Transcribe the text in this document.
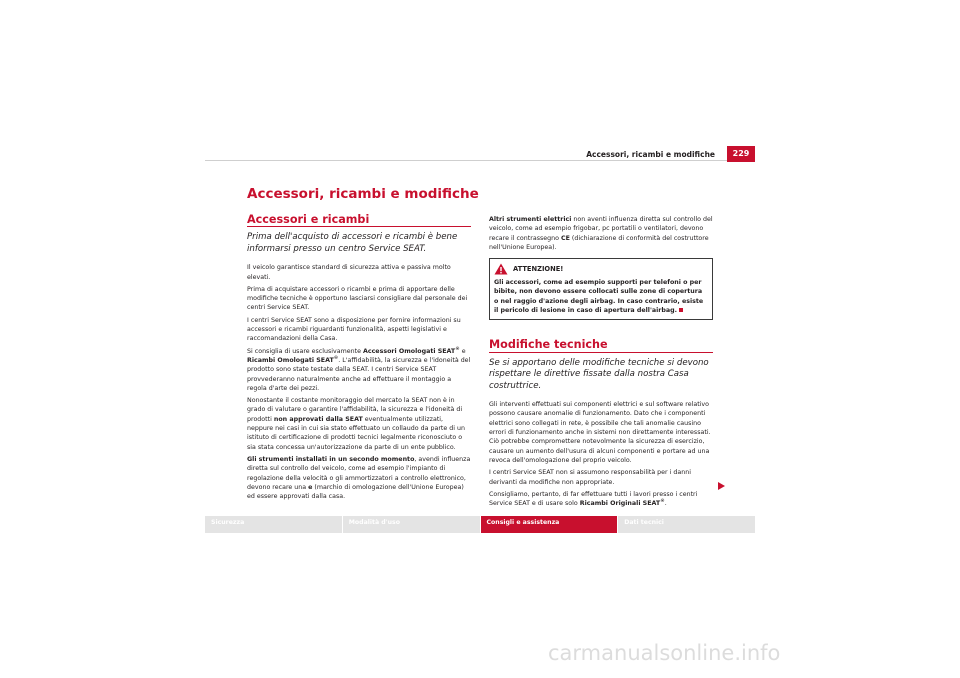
Accessori, ricambi e modifiche	229
Accessori, ricambi e modifiche
Accessori e ricambi
Prima dell'acquisto di accessori e ricambi è bene informarsi presso un centro Service SEAT.

Il veicolo garantisce standard di sicurezza attiva e passiva molto elevati.

Prima di acquistare accessori o ricambi e prima di apportare delle modifiche tecniche è opportuno lasciarsi consigliare dal personale dei centri Service SEAT.

I centri Service SEAT sono a disposizione per fornire informazioni su accessori e ricambi riguardanti funzionalità, aspetti legislativi e raccomandazioni della Casa.

Si consiglia di usare esclusivamente Accessori Omologati SEAT® e Ricambi Omologati SEAT®. L'affidabilità, la sicurezza e l'idoneità del prodotto sono state testate dalla SEAT. I centri Service SEAT provvederanno naturalmente anche ad effettuare il montaggio a regola d'arte dei pezzi.

Nonostante il costante monitoraggio del mercato la SEAT non è in grado di valutare o garantire l'affidabilità, la sicurezza e l'idoneità di prodotti non approvati dalla SEAT eventualmente utilizzati, neppure nei casi in cui sia stato effettuato un collaudo da parte di un istituto di certificazione di prodotti tecnici legalmente riconosciuto o sia stata concessa un'autorizzazione da parte di un ente pubblico.

Gli strumenti installati in un secondo momento, avendi influenza diretta sul controllo del veicolo, come ad esempio l'impianto di regolazione della velocità o gli ammortizzatori a controllo elettronico, devono recare una e (marchio di omologazione dell'Unione Europea) ed essere approvati dalla casa.

Altri strumenti elettrici non aventi influenza diretta sul controllo del veicolo, come ad esempio frigobar, pc portatili o ventilatori, devono recare il contrassegno CE (dichiarazione di conformità del costruttore nell'Unione Europea).

ATTENZIONE!
Gli accessori, come ad esempio supporti per telefoni o per bibite, non devono essere collocati sulle zone di copertura o nel raggio d'azione degli airbag. In caso contrario, esiste il pericolo di lesione in caso di apertura dell'airbag.
Modifiche tecniche
Se si apportano delle modifiche tecniche si devono rispettare le direttive fissate dalla nostra Casa costruttrice.

Gli interventi effettuati sui componenti elettrici e sul software relativo possono causare anomalie di funzionamento. Dato che i componenti elettrici sono collegati in rete, è possibile che tali anomalie causino errori di funzionamento anche in sistemi non direttamente interessati. Ciò potrebbe compromettere notevolmente la sicurezza di esercizio, causare un aumento dell'usura di alcuni componenti e portare ad una revoca dell'omologazione del proprio veicolo.

I centri Service SEAT non si assumono responsabilità per i danni derivanti da modifiche non appropriate.

Consigliamo, pertanto, di far effettuare tutti i lavori presso i centri Service SEAT e di usare solo Ricambi Originali SEAT®.

Sicurezza	Modalità d'uso	Consigli e assistenza	Dati tecnici
carmanualsonline.info
